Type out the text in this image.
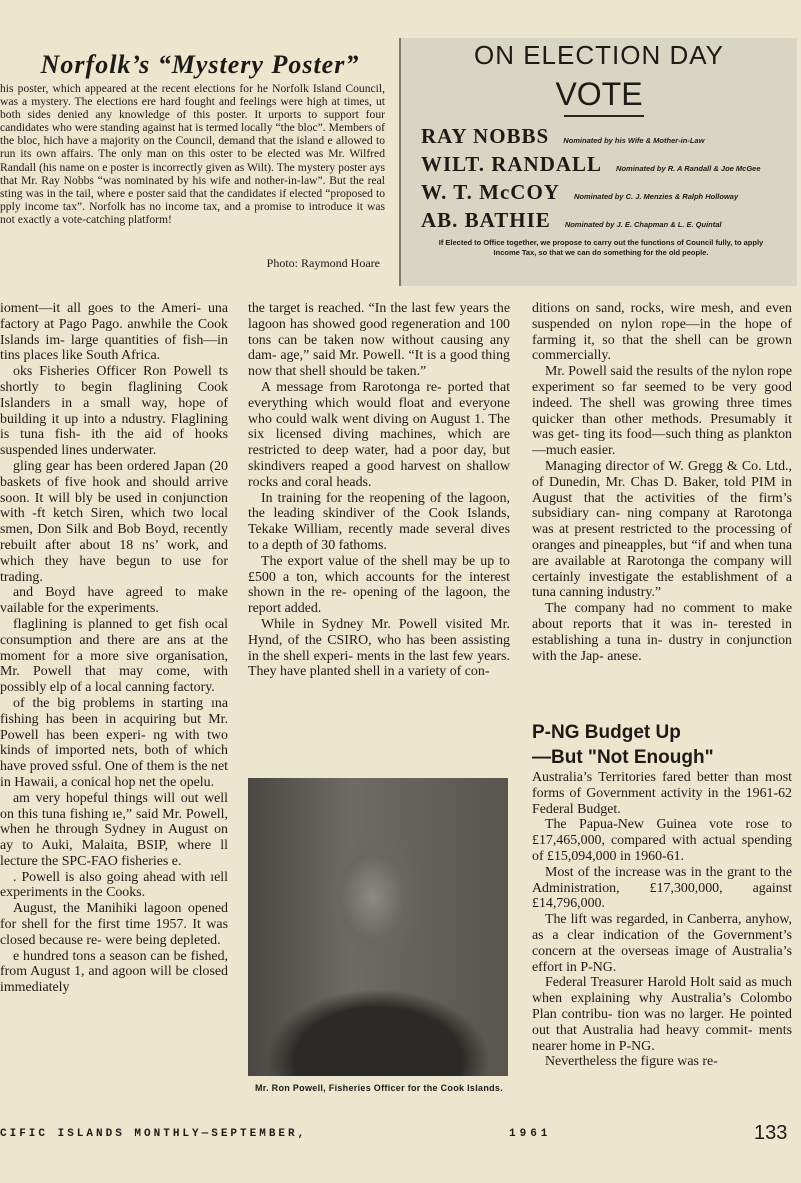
Norfolk’s “Mystery Poster”

his poster, which appeared at the recent elections for he Norfolk Island Council, was a mystery. The elections ere hard fought and feelings were high at times, ut both sides denied any knowledge of this poster. It urports to support four candidates who were standing against hat is termed locally “the bloc”. Members of the bloc, hich have a majority on the Council, demand that the island e allowed to run its own affairs. The only man on this oster to be elected was Mr. Wilfred Randall (his name on e poster is incorrectly given as Wilt). The mystery poster ays that Mr. Ray Nobbs “was nominated by his wife and nother-in-law”. But the real sting was in the tail, where e poster said that the candidates if elected “proposed to pply income tax”. Norfolk has no income tax, and a promise to introduce it was not exactly a vote-catching platform!

Photo: Raymond Hoare
ON ELECTION DAY
VOTE
RAY NOBBS Nominated by his Wife & Mother-in-Law
WILT. RANDALL Nominated by R. A Randall & Joe McGee
W. T. McCOY Nominated by C. J. Menzies & Ralph Holloway
AB. BATHIE Nominated by J. E. Chapman & L. E. Quintal
If Elected to Office together, we propose to carry out the functions of Council fully, to apply Income Tax, so that we can do something for the old people.

ioment—it all goes to the Ameri- una factory at Pago Pago. anwhile the Cook Islands im- large quantities of fish—in tins places like South Africa.

oks Fisheries Officer Ron Powell ts shortly to begin flaglining Cook Islanders in a small way, hope of building it up into a ndustry. Flaglining is tuna fish- ith the aid of hooks suspended lines underwater.

gling gear has been ordered Japan (20 baskets of five hook and should arrive soon. It will bly be used in conjunction with -ft ketch Siren, which two local smen, Don Silk and Bob Boyd, recently rebuilt after about 18 ns’ work, and which they have begun to use for trading.

and Boyd have agreed to make vailable for the experiments.

flaglining is planned to get fish ocal consumption and there are ans at the moment for a more sive organisation, Mr. Powell that may come, with possibly elp of a local canning factory.

of the big problems in starting ına fishing has been in acquiring but Mr. Powell has been experi- ng with two kinds of imported nets, both of which have proved ssful. One of them is the net in Hawaii, a conical hop net the opelu.

am very hopeful things will out well on this tuna fishing ıe,” said Mr. Powell, when he through Sydney in August on ay to Auki, Malaita, BSIP, where ll lecture the SPC-FAO fisheries e.

. Powell is also going ahead with ıell experiments in the Cooks.

August, the Manihiki lagoon opened for shell for the first time 1957. It was closed because re- were being depleted.

e hundred tons a season can be fished, from August 1, and agoon will be closed immediately

the target is reached. “In the last few years the lagoon has showed good regeneration and 100 tons can be taken now without causing any dam- age,” said Mr. Powell. “It is a good thing now that shell should be taken.”

A message from Rarotonga re- ported that everything which would float and everyone who could walk went diving on August 1. The six licensed diving machines, which are restricted to deep water, had a poor day, but skindivers reaped a good harvest on shallow rocks and coral heads.

In training for the reopening of the lagoon, the leading skindiver of the Cook Islands, Tekake William, recently made several dives to a depth of 30 fathoms.

The export value of the shell may be up to £500 a ton, which accounts for the interest shown in the re- opening of the lagoon, the report added.

While in Sydney Mr. Powell visited Mr. Hynd, of the CSIRO, who has been assisting in the shell experi- ments in the last few years. They have planted shell in a variety of con-

Mr. Ron Powell, Fisheries Officer for the Cook Islands.

ditions on sand, rocks, wire mesh, and even suspended on nylon rope—in the hope of farming it, so that the shell can be grown commercially.

Mr. Powell said the results of the nylon rope experiment so far seemed to be very good indeed. The shell was growing three times quicker than other methods. Presumably it was get- ting its food—such thing as plankton —much easier.

Managing director of W. Gregg & Co. Ltd., of Dunedin, Mr. Chas D. Baker, told PIM in August that the activities of the firm’s subsidiary can- ning company at Rarotonga was at present restricted to the processing of oranges and pineapples, but “if and when tuna are available at Rarotonga the company will certainly investigate the establishment of a tuna canning industry.”

The company had no comment to make about reports that it was in- terested in establishing a tuna in- dustry in conjunction with the Jap- anese.

P-NG Budget Up
—But "Not Enough"

Australia’s Territories fared better than most forms of Government activity in the 1961-62 Federal Budget.

The Papua-New Guinea vote rose to £17,465,000, compared with actual spending of £15,094,000 in 1960-61.

Most of the increase was in the grant to the Administration, £17,300,000, against £14,796,000.

The lift was regarded, in Canberra, anyhow, as a clear indication of the Government’s concern at the overseas image of Australia’s effort in P-NG.

Federal Treasurer Harold Holt said as much when explaining why Australia’s Colombo Plan contribu- tion was no larger. He pointed out that Australia had heavy commit- ments nearer home in P-NG.

Nevertheless the figure was re-

CIFIC ISLANDS MONTHLY—SEPTEMBER,	1961	133
